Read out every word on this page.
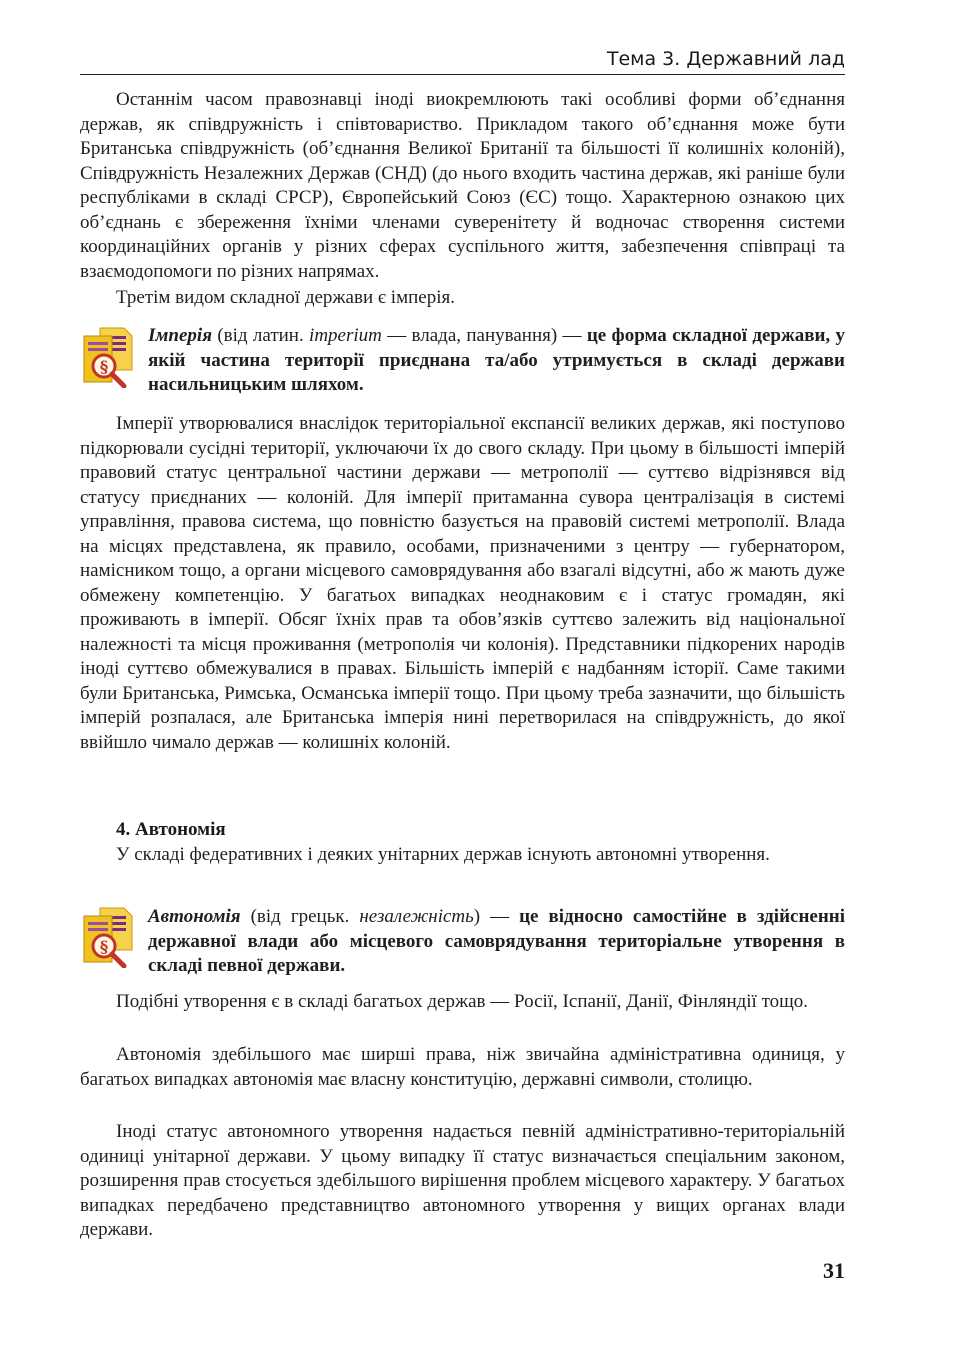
Тема 3. Державний лад

Останнім часом правознавці іноді виокремлюють такі особливі форми об’єднання держав, як співдружність і співтовариство. Прикладом такого об’єднання може бути Британська співдружність (об’єднання Великої Британії та більшості її колишніх колоній), Співдружність Незалежних Держав (СНД) (до нього входить частина держав, які раніше були республіками в складі СРСР), Європейський Союз (ЄС) тощо. Характерною ознакою цих об’єднань є збереження їхніми членами суверенітету й водночас створення системи координаційних органів у різних сферах суспільного життя, забезпечення співпраці та взаємодопомоги по різних напрямах.

Третім видом складної держави є імперія.

§

Імперія (від латин. imperium — влада, панування) — це форма складної держави, у якій частина території приєднана та/або утримується в складі держави насильницьким шляхом.

Імперії утворювалися внаслідок територіальної експансії великих держав, які поступово підкорювали сусідні території, уключаючи їх до свого складу. При цьому в більшості імперій правовий статус центральної частини держави — метрополії — суттєво відрізнявся від статусу приєднаних — колоній. Для імперії притаманна сувора централізація в системі управління, правова система, що повністю базується на правовій системі метрополії. Влада на місцях представлена, як правило, особами, призначеними з центру — губернатором, намісником тощо, а органи місцевого самоврядування або взагалі відсутні, або ж мають дуже обмежену компетенцію. У багатьох випадках неоднаковим є і статус громадян, які проживають в імперії. Обсяг їхніх прав та обов’язків суттєво залежить від національної належності та місця проживання (метрополія чи колонія). Представники підкорених народів іноді суттєво обмежувалися в правах. Більшість імперій є надбанням історії. Саме такими були Британська, Римська, Османська імперії тощо. При цьому треба зазначити, що більшість імперій розпалася, але Британська імперія нині перетворилася на співдружність, до якої ввійшло чимало держав — колишніх колоній.

4. Автономія

У складі федеративних і деяких унітарних держав існують автономні утворення.

§

Автономія (від грецьк. незалежність) — це відносно самостійне в здійсненні державної влади або місцевого самоврядування територіальне утворення в складі певної держави.

Подібні утворення є в складі багатьох держав — Росії, Іспанії, Данії, Фінляндії тощо.

Автономія здебільшого має ширші права, ніж звичайна адміністративна одиниця, у багатьох випадках автономія має власну конституцію, державні символи, столицю.

Іноді статус автономного утворення надається певній адміністративно-територіальній одиниці унітарної держави. У цьому випадку її статус визначається спеціальним законом, розширення прав стосується здебільшого вирішення проблем місцевого характеру. У багатьох випадках передбачено представництво автономного утворення у вищих органах влади держави.

31
